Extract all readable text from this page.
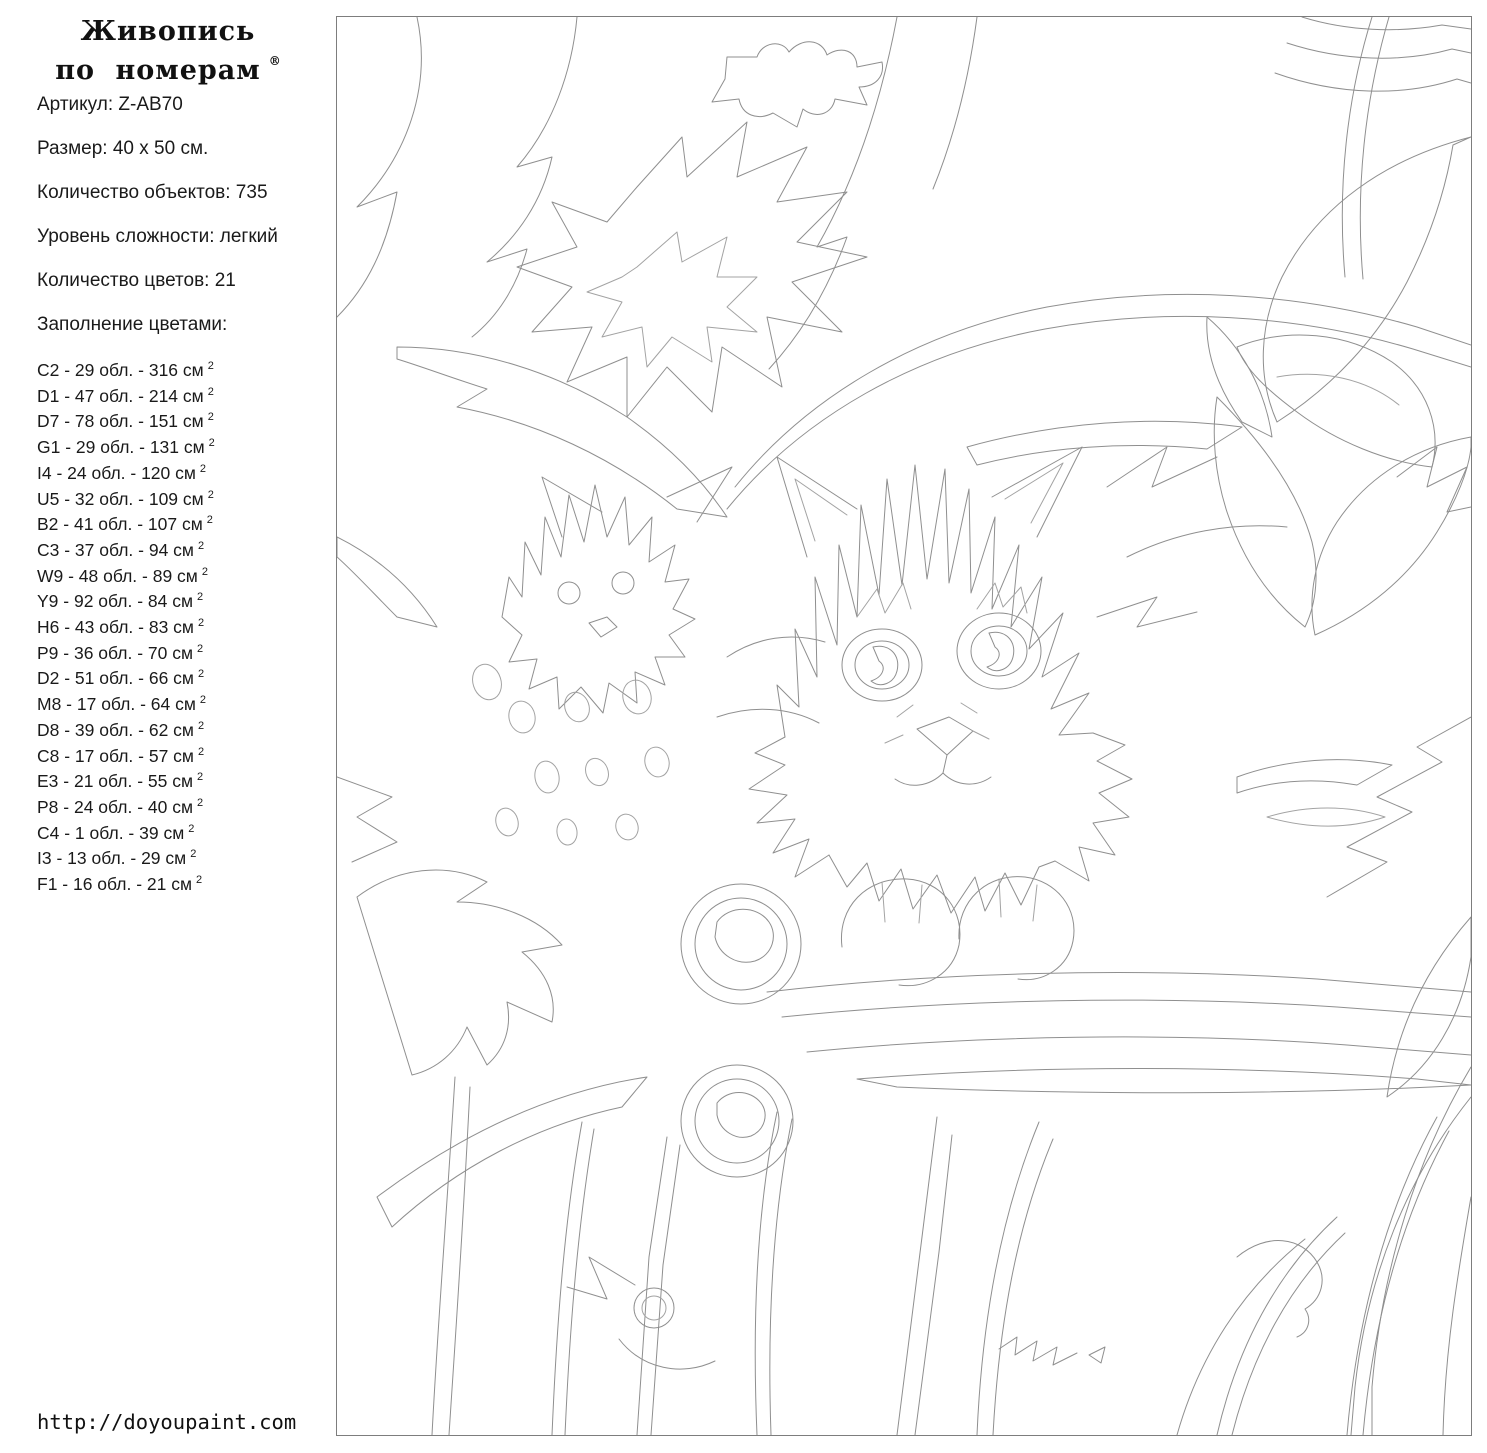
Живопись
по номерам ®
Артикул: Z-AB70
Размер: 40 x 50 см.
Количество объектов: 735
Уровень сложности: легкий
Количество цветов: 21
Заполнение цветами:
C2 - 29 обл. - 316 см $^2$
D1 - 47 обл. - 214 см $^2$
D7 - 78 обл. - 151 см $^2$
G1 - 29 обл. - 131 см $^2$
I4 - 24 обл. - 120 см $^2$
U5 - 32 обл. - 109 см $^2$
B2 - 41 обл. - 107 см $^2$
C3 - 37 обл. - 94 см $^2$
W9 - 48 обл. - 89 см $^2$
Y9 - 92 обл. - 84 см $^2$
H6 - 43 обл. - 83 см $^2$
P9 - 36 обл. - 70 см $^2$
D2 - 51 обл. - 66 см $^2$
M8 - 17 обл. - 64 см $^2$
D8 - 39 обл. - 62 см $^2$
C8 - 17 обл. - 57 см $^2$
E3 - 21 обл. - 55 см $^2$
P8 - 24 обл. - 40 см $^2$
C4 - 1 обл. - 39 см $^2$
I3 - 13 обл. - 29 см $^2$
F1 - 16 обл. - 21 см $^2$
http://doyoupaint.com
